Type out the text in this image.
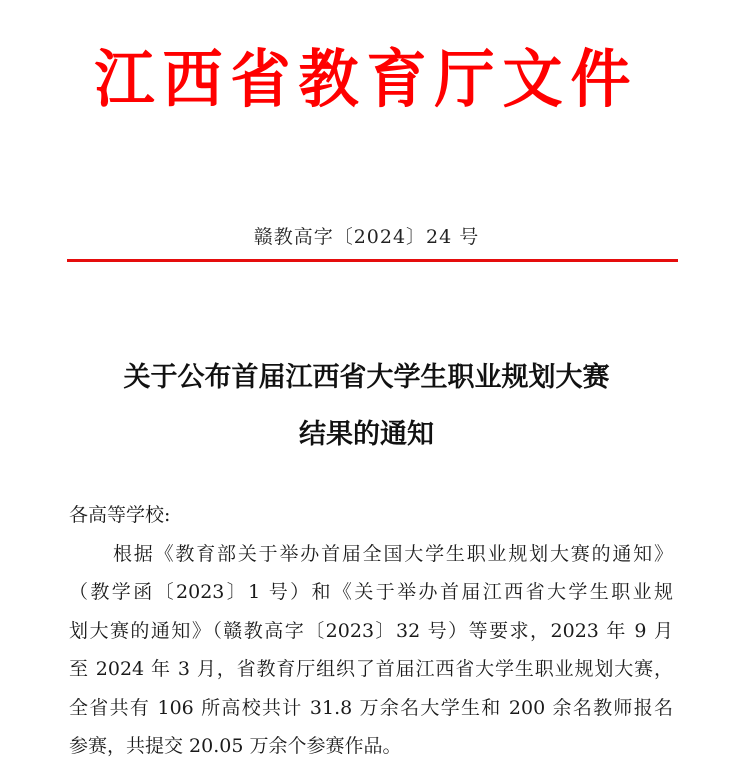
江西省教育厅文件
赣教高字〔2024〕24 号
关于公布首届江西省大学生职业规划大赛
结果的通知
各高等学校:
根据《教育部关于举办首届全国大学生职业规划大赛的通知》
（教学函〔2023〕1 号）和《关于举办首届江西省大学生职业规
划大赛的通知》（赣教高字〔2023〕32 号）等要求，2023 年 9 月
至 2024 年 3 月，省教育厅组织了首届江西省大学生职业规划大赛，
全省共有 106 所高校共计 31.8 万余名大学生和 200 余名教师报名
参赛，共提交 20.05 万余个参赛作品。
